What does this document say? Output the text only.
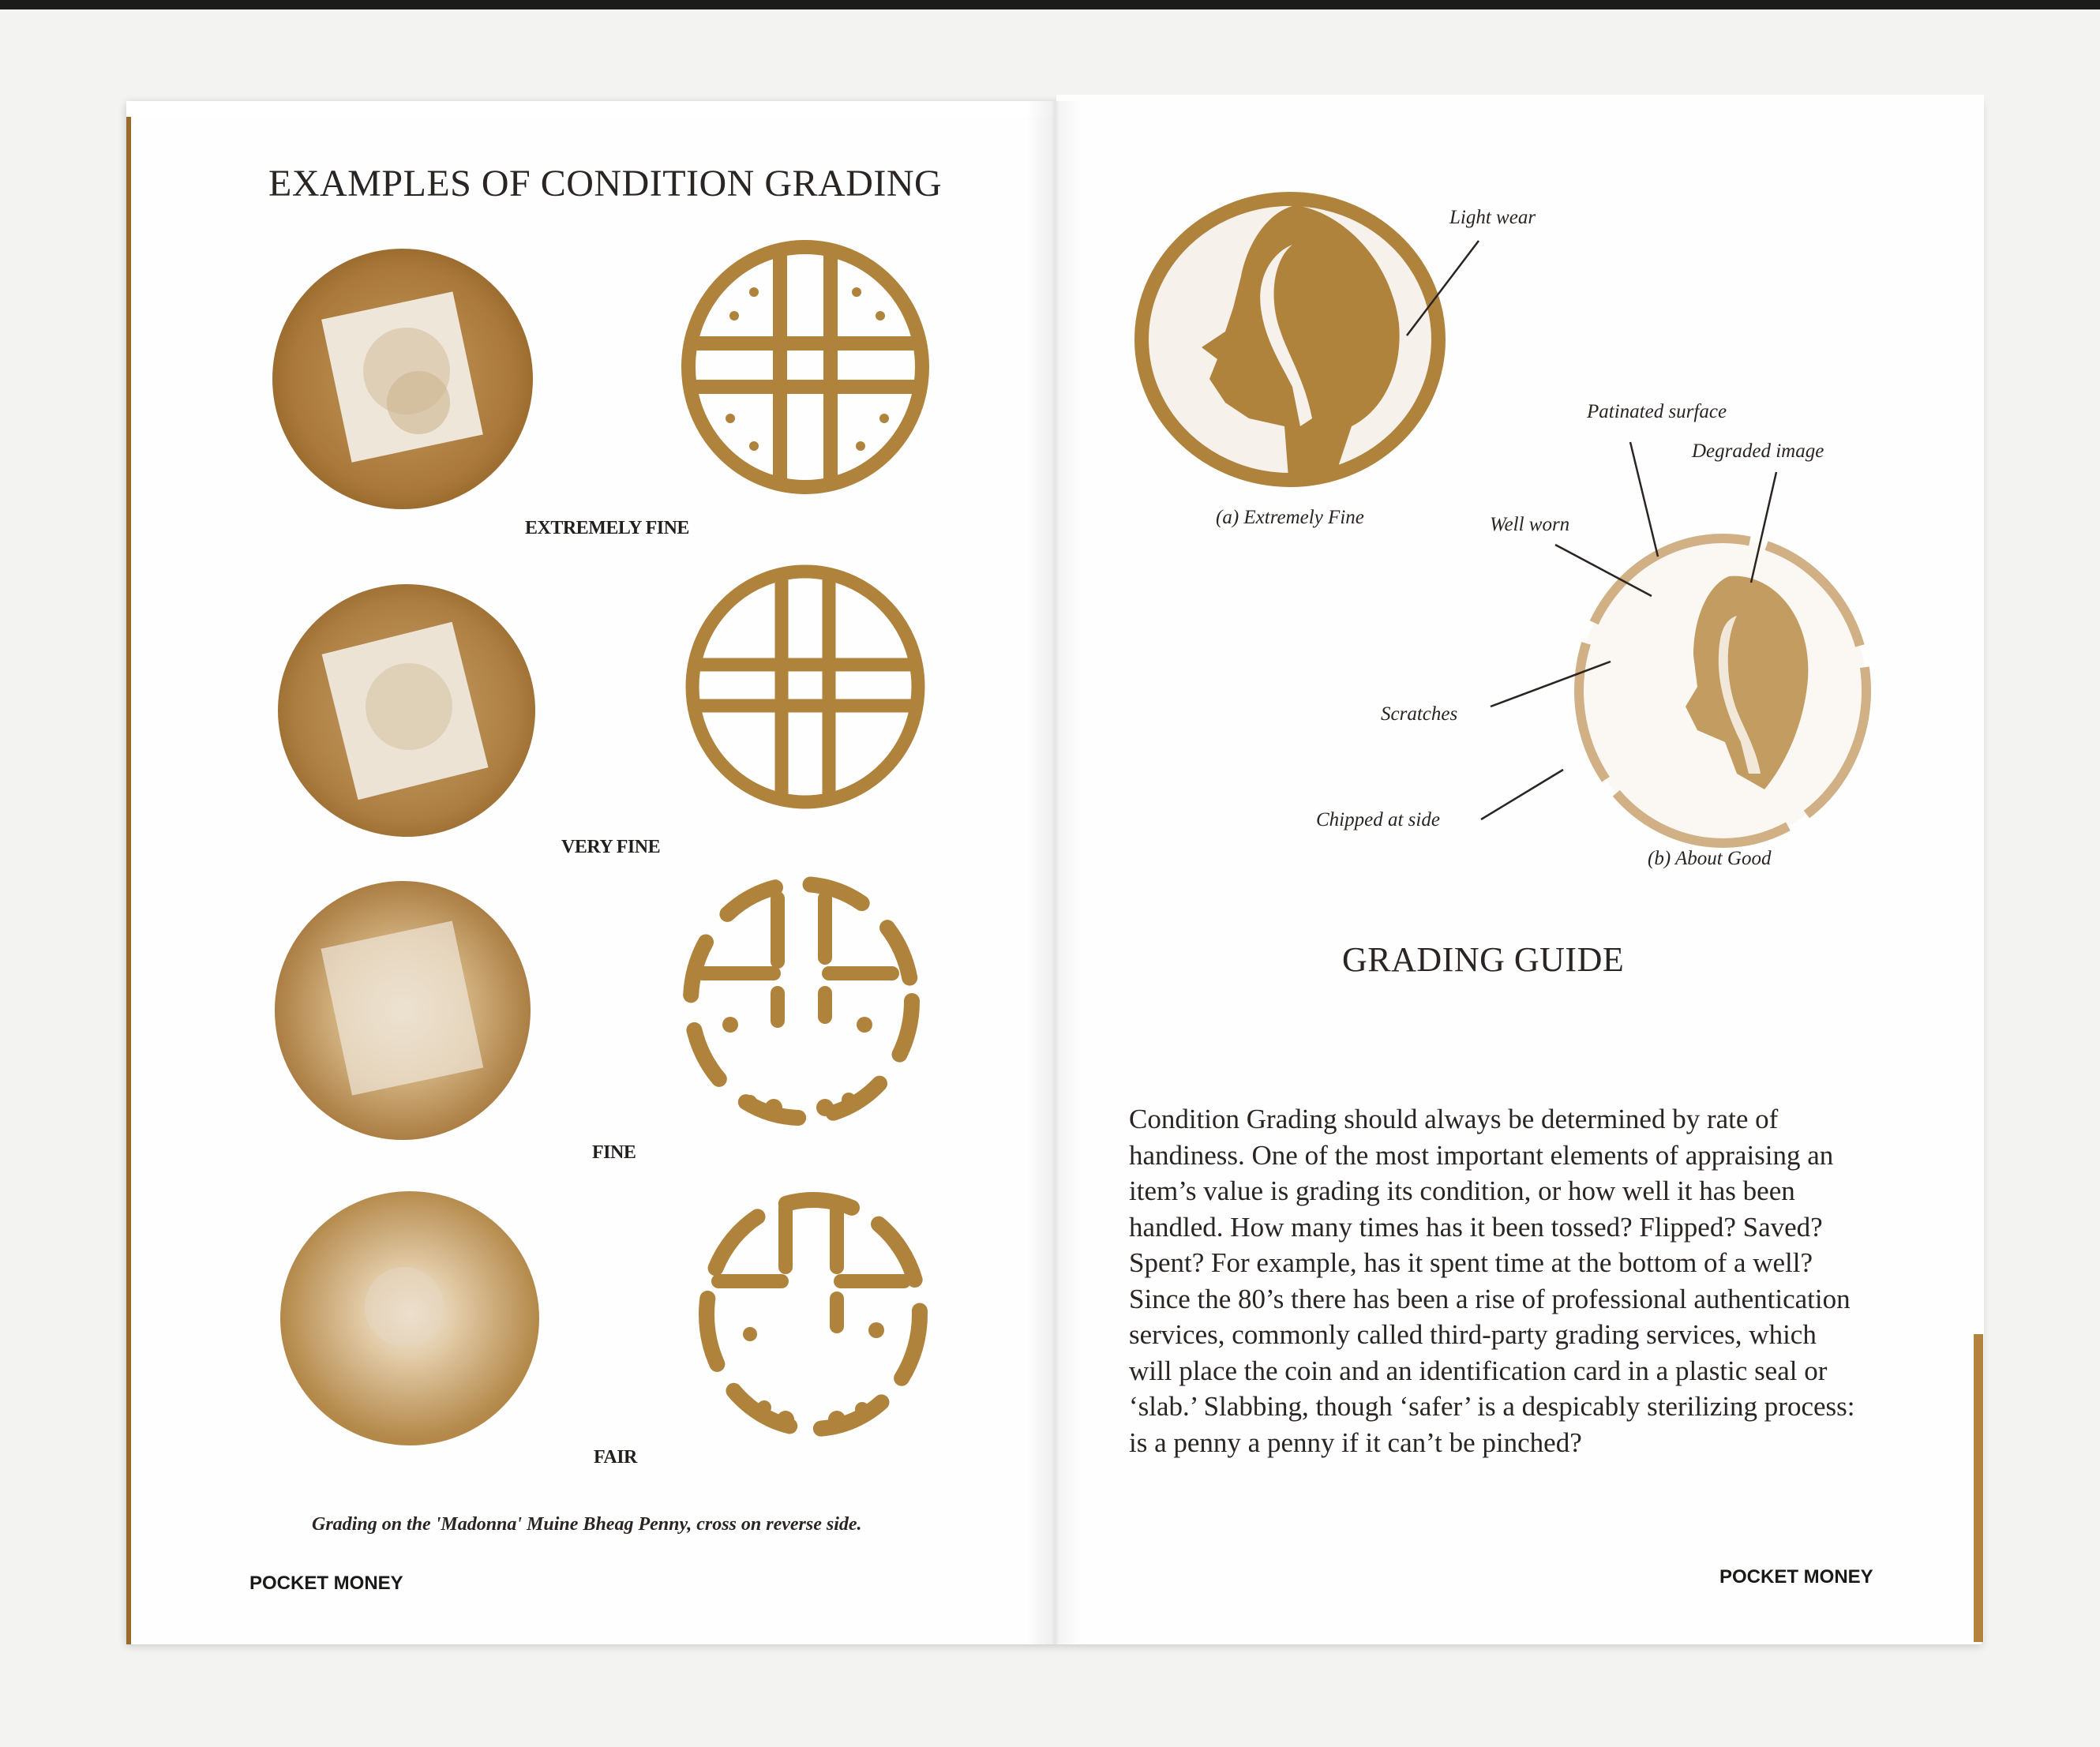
EXAMPLES OF CONDITION GRADING
EXTREMELY FINE
VERY FINE
FINE
FAIR
Grading on the 'Madonna' Muine Bheag Penny, cross on reverse side.
POCKET MONEY
Light wear
(a) Extremely Fine
Patinated surface
Degraded image
Well worn
Scratches
Chipped at side
(b) About Good
GRADING GUIDE

Condition Grading should always be determined by rate of handiness. One of the most important elements of appraising an item’s value is grading its condition, or how well it has been handled. How many times has it been tossed? Flipped? Saved? Spent? For example, has it spent time at the bottom of a well?

Since the 80’s there has been a rise of professional authentication services, commonly called third-party grading services, which will place the coin and an identification card in a plastic seal or ‘slab.’ Slabbing, though ‘safer’ is a despicably sterilizing process: is a penny a penny if it can’t be pinched?

POCKET MONEY
